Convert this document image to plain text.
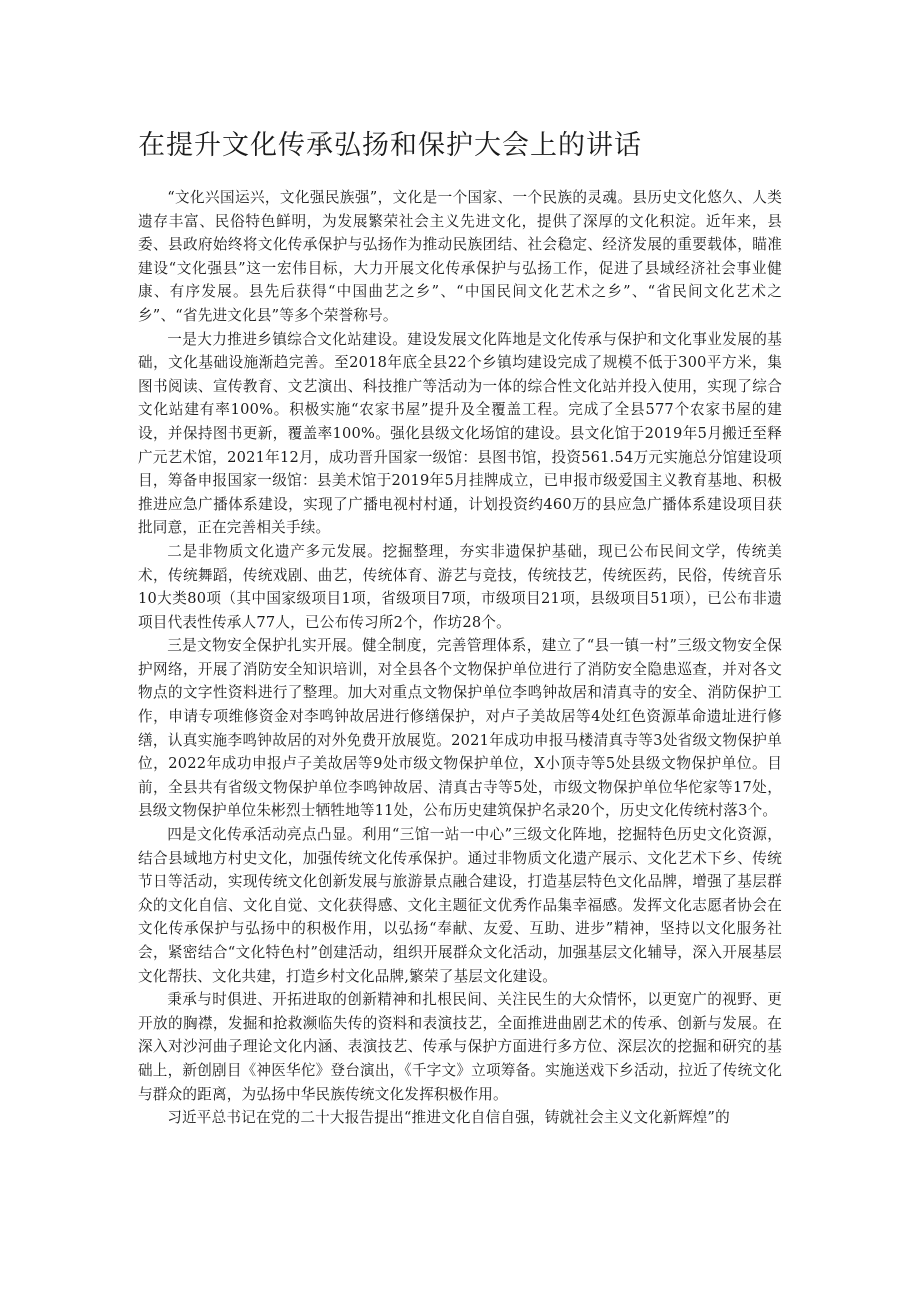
在提升文化传承弘扬和保护大会上的讲话

“文化兴国运兴，文化强民族强”，文化是一个国家、一个民族的灵魂。县历史文化悠久、人类遗存丰富、民俗特色鲜明，为发展繁荣社会主义先进文化，提供了深厚的文化积淀。近年来，县委、县政府始终将文化传承保护与弘扬作为推动民族团结、社会稳定、经济发展的重要载体，瞄准建设“文化强县”这一宏伟目标，大力开展文化传承保护与弘扬工作，促进了县域经济社会事业健康、有序发展。县先后获得“中国曲艺之乡”、“中国民间文化艺术之乡”、“省民间文化艺术之乡”、“省先进文化县”等多个荣誉称号。

一是大力推进乡镇综合文化站建设。建设发展文化阵地是文化传承与保护和文化事业发展的基础，文化基础设施渐趋完善。至2018年底全县22个乡镇均建设完成了规模不低于300平方米，集图书阅读、宣传教育、文艺演出、科技推广等活动为一体的综合性文化站并投入使用，实现了综合文化站建有率100%。积极实施“农家书屋”提升及全覆盖工程。完成了全县577个农家书屋的建设，并保持图书更新，覆盖率100%。强化县级文化场馆的建设。县文化馆于2019年5月搬迁至释广元艺术馆，2021年12月，成功晋升国家一级馆：县图书馆，投资561.54万元实施总分馆建设项目，筹备申报国家一级馆：县美术馆于2019年5月挂牌成立，已申报市级爱国主义教育基地、积极推进应急广播体系建设，实现了广播电视村村通，计划投资约460万的县应急广播体系建设项目获批同意，正在完善相关手续。

二是非物质文化遗产多元发展。挖掘整理，夯实非遗保护基础，现已公布民间文学，传统美术，传统舞蹈，传统戏剧、曲艺，传统体育、游艺与竞技，传统技艺，传统医药，民俗，传统音乐10大类80项（其中国家级项目1项，省级项目7项，市级项目21项，县级项目51项），已公布非遗项目代表性传承人77人，已公布传习所2个，作坊28个。

三是文物安全保护扎实开展。健全制度，完善管理体系，建立了“县一镇一村”三级文物安全保护网络，开展了消防安全知识培训，对全县各个文物保护单位进行了消防安全隐患巡查，并对各文物点的文字性资料进行了整理。加大对重点文物保护单位李鸣钟故居和清真寺的安全、消防保护工作，申请专项维修资金对李鸣钟故居进行修缮保护，对卢子美故居等4处红色资源革命遗址进行修缮，认真实施李鸣钟故居的对外免费开放展览。2021年成功申报马楼清真寺等3处省级文物保护单位，2022年成功申报卢子美故居等9处市级文物保护单位，X小顶寺等5处县级文物保护单位。目前，全县共有省级文物保护单位李鸣钟故居、清真古寺等5处，市级文物保护单位华佗家等17处，县级文物保护单位朱彬烈士牺牲地等11处，公布历史建筑保护名录20个，历史文化传统村落3个。

四是文化传承活动亮点凸显。利用“三馆一站一中心”三级文化阵地，挖掘特色历史文化资源，结合县域地方村史文化，加强传统文化传承保护。通过非物质文化遗产展示、文化艺术下乡、传统节日等活动，实现传统文化创新发展与旅游景点融合建设，打造基层特色文化品牌，增强了基层群众的文化自信、文化自觉、文化获得感、文化主题征文优秀作品集幸福感。发挥文化志愿者协会在文化传承保护与弘扬中的积极作用，以弘扬“奉献、友爱、互助、进步”精神，坚持以文化服务社会，紧密结合“文化特色村”创建活动，组织开展群众文化活动，加强基层文化辅导，深入开展基层文化帮扶、文化共建，打造乡村文化品牌,繁荣了基层文化建设。

秉承与时俱进、开拓进取的创新精神和扎根民间、关注民生的大众情怀，以更宽广的视野、更开放的胸襟，发掘和抢救濒临失传的资料和表演技艺，全面推进曲剧艺术的传承、创新与发展。在深入对沙河曲子理论文化内涵、表演技艺、传承与保护方面进行多方位、深层次的挖掘和研究的基础上，新创剧目《神医华佗》登台演出，《千字文》立项筹备。实施送戏下乡活动，拉近了传统文化与群众的距离，为弘扬中华民族传统文化发挥积极作用。

习近平总书记在党的二十大报告提出“推进文化自信自强，铸就社会主义文化新辉煌”的
